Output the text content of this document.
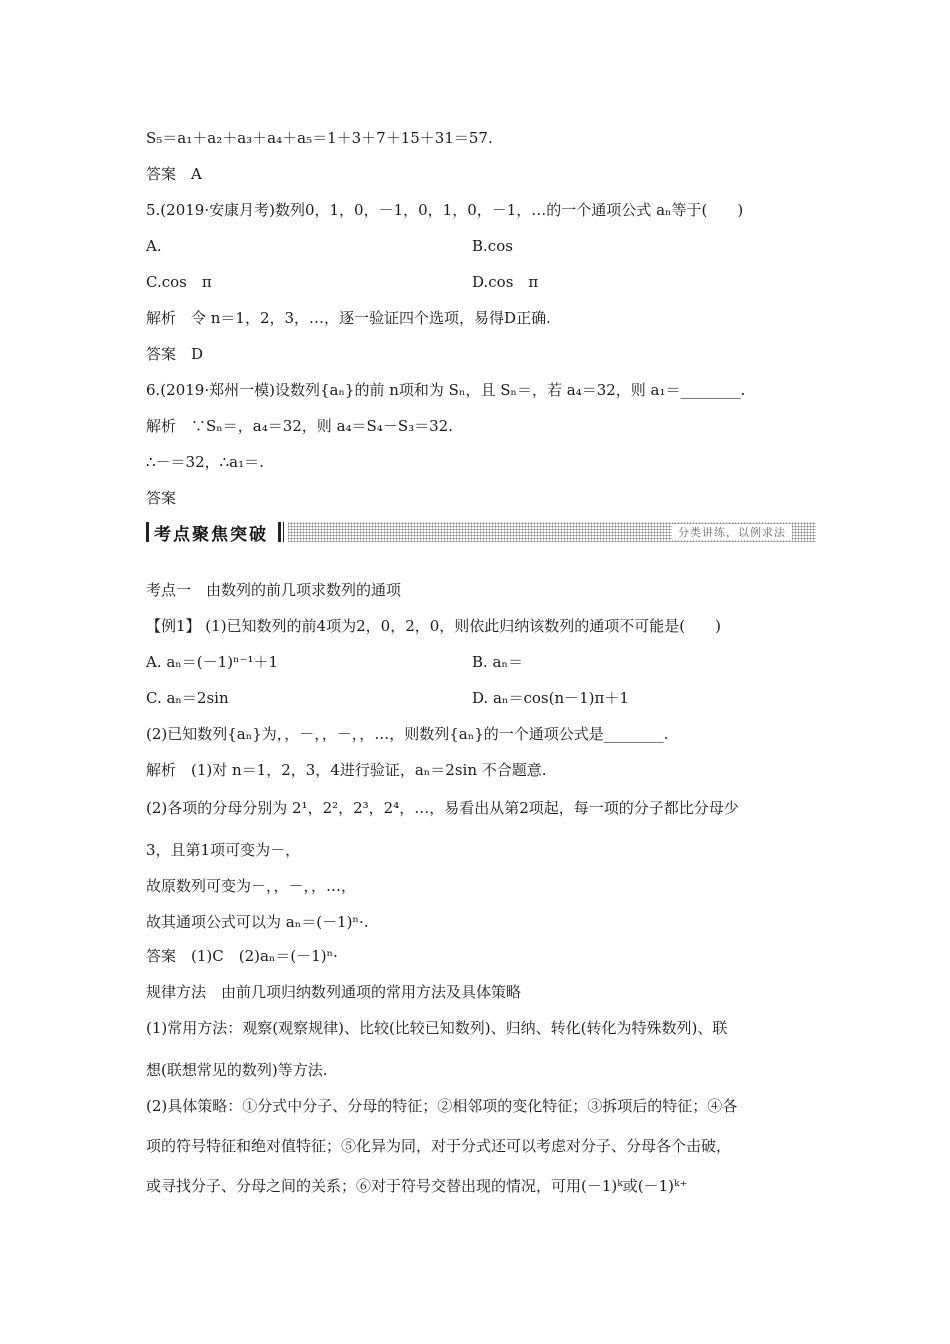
S₅＝a₁＋a₂＋a₃＋a₄＋a₅＝1＋3＋7＋15＋31＝57.
答案　A
5.(2019·安康月考)数列0，1，0，－1，0，1，0，－1，…的一个通项公式 aₙ等于(　　)
A.	B.cos
C.cos　π	D.cos　π
解析　令 n＝1，2，3，…，逐一验证四个选项，易得D正确.
答案　D
6.(2019·郑州一模)设数列{aₙ}的前 n项和为 Sₙ，且 Sₙ＝，若 a₄＝32，则 a₁＝________.
解析　∵Sₙ＝，a₄＝32，则 a₄＝S₄－S₃＝32.
∴－＝32，∴a₁＝.
答案
考点聚焦突破	分类讲练，以例求法
考点一　由数列的前几项求数列的通项
【例1】 (1)已知数列的前4项为2，0，2，0，则依此归纳该数列的通项不可能是(　　)
A. aₙ＝(－1)ⁿ⁻¹＋1	B. aₙ＝
C. aₙ＝2sin	D. aₙ＝cos(n－1)π＋1
(2)已知数列{aₙ}为，，－，，－，，…，则数列{aₙ}的一个通项公式是________.
解析　(1)对 n＝1，2，3，4进行验证，aₙ＝2sin 不合题意.
(2)各项的分母分别为 2¹，2²，2³，2⁴，…，易看出从第2项起，每一项的分子都比分母少
3，且第1项可变为－，
故原数列可变为－，，－，，…，
故其通项公式可以为 aₙ＝(－1)ⁿ·.
答案　(1)C　(2)aₙ＝(－1)ⁿ·
规律方法　由前几项归纳数列通项的常用方法及具体策略
(1)常用方法：观察(观察规律)、比较(比较已知数列)、归纳、转化(转化为特殊数列)、联
想(联想常见的数列)等方法.
(2)具体策略：①分式中分子、分母的特征；②相邻项的变化特征；③拆项后的特征；④各
项的符号特征和绝对值特征；⑤化异为同，对于分式还可以考虑对分子、分母各个击破，
或寻找分子、分母之间的关系；⑥对于符号交替出现的情况，可用(－1)ᵏ或(－1)ᵏ⁺
